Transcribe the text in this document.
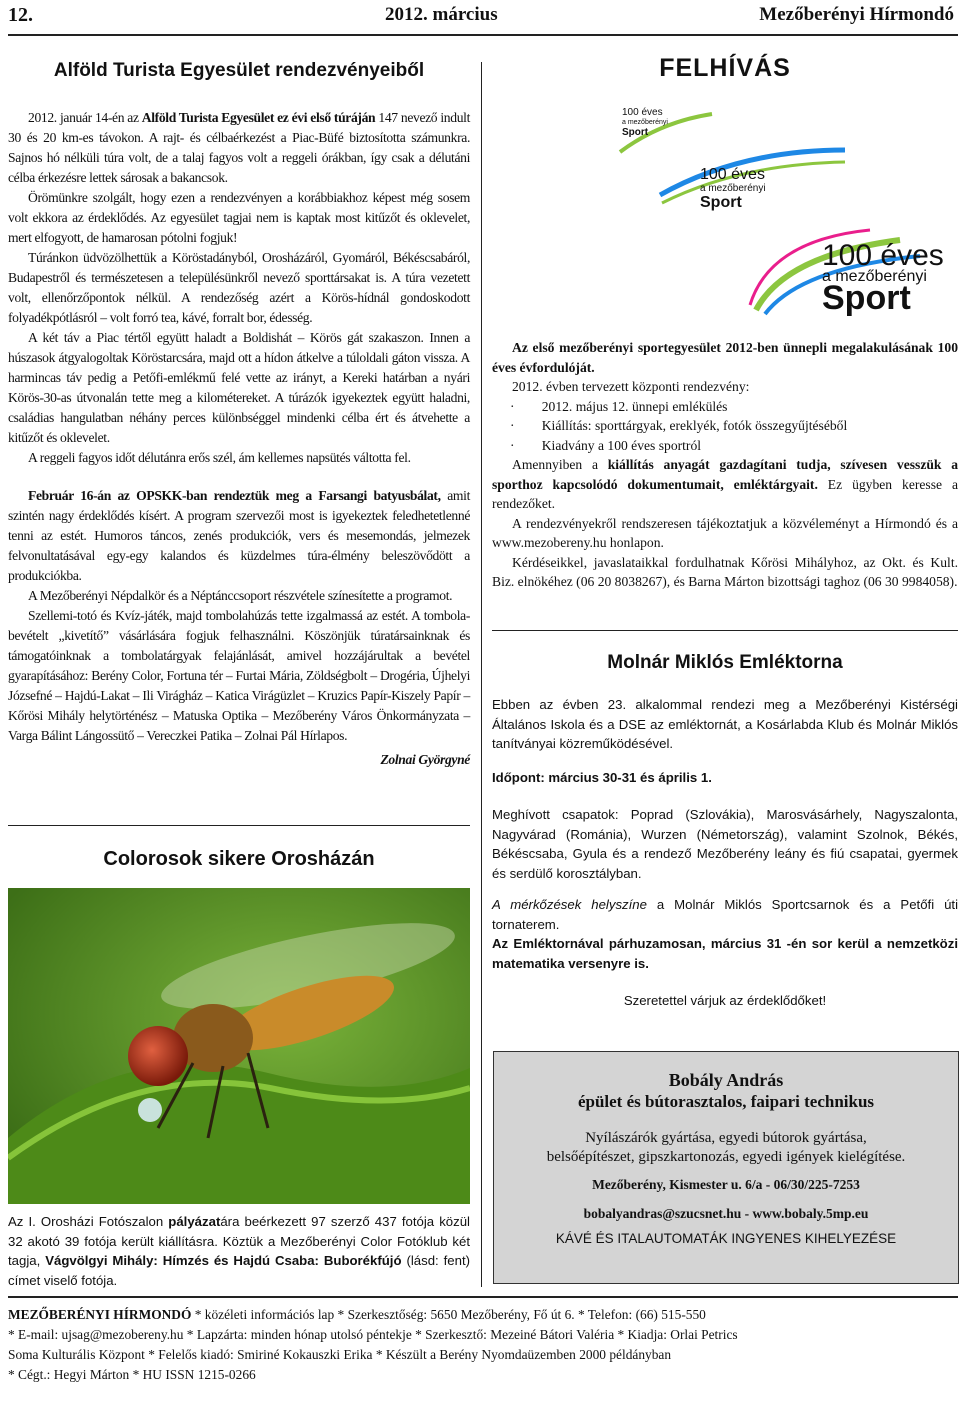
12.	2012. március	Mezőberényi Hírmondó
Alföld Turista Egyesület rendezvényeiből

2012. január 14-én az Alföld Turista Egyesület ez évi első túráján 147 nevező indult 30 és 20 km-es távokon. A rajt- és célbaérkezést a Piac-Büfé biztosította számunkra. Sajnos hó nélküli túra volt, de a talaj fagyos volt a reggeli órákban, így csak a délutáni célba érkezésre lettek sárosak a bakancsok.

Örömünkre szolgált, hogy ezen a rendezvényen a korábbiakhoz képest még sosem volt ekkora az érdeklődés. Az egyesület tagjai nem is kaptak most kitűzőt és oklevelet, mert elfogyott, de hamarosan pótolni fogjuk!

Túránkon üdvözölhettük a Köröstadányból, Orosházáról, Gyomáról, Békéscsabáról, Budapestről és természetesen a településünkről nevező sporttársakat is. A túra vezetett volt, ellenőrzőpontok nélkül. A rendezőség azért a Körös-hídnál gondoskodott folyadékpótlásról – volt forró tea, kávé, forralt bor, édesség.

A két táv a Piac tértől együtt haladt a Boldishát – Körös gát szakaszon. Innen a húszasok átgyalogoltak Köröstarcsára, majd ott a hídon átkelve a túloldali gáton vissza. A harmincas táv pedig a Petőfi-emlékmű felé vette az irányt, a Kereki határban a nyári Körös-30-as útvonalán tette meg a kilométereket. A túrázók igyekeztek együtt haladni, családias hangulatban néhány perces különbséggel mindenki célba ért és átvehette a kitűzőt és oklevelet.

A reggeli fagyos időt délutánra erős szél, ám kellemes napsütés váltotta fel.

Február 16-án az OPSKK-ban rendeztük meg a Farsangi batyusbálat, amit szintén nagy érdeklődés kísért. A program szervezői most is igyekeztek feledhetetlenné tenni az estét. Humoros táncos, zenés produkciók, vers és mesemondás, jelmezek felvonultatásával egy-egy kalandos és küzdelmes túra-élmény beleszövődött a produkciókba.

A Mezőberényi Népdalkör és a Néptánccsoport részvétele színesítette a programot.

Szellemi-totó és Kvíz-játék, majd tombolahúzás tette izgalmassá az estét. A tombola-bevételt „kivetítő” vásárlására fogjuk felhasználni. Köszönjük túratársainknak és támogatóinknak a tombolatárgyak felajánlását, amivel hozzájárultak a bevétel gyarapításához: Berény Color, Fortuna tér – Furtai Mária, Zöldségbolt – Drogéria, Újhelyi Józsefné – Hajdú-Lakat – Ili Virágház – Katica Virágüzlet – Kruzics Papír-Kiszely Papír – Kőrösi Mihály helytörténész – Matuska Optika – Mezőberény Város Önkormányzata – Varga Bálint Lángossütő – Vereczkei Patika – Zolnai Pál Hírlapos.

Zolnai Györgyné

Colorosok sikere Orosházán
Az I. Orosházi Fotószalon pályázatára beérkezett 97 szerző 437 fotója közül 32 akotó 39 fotója került kiállításra. Köztük a Mezőberényi Color Fotóklub két tagja, Vágvölgyi Mihály: Hímzés és Hajdú Csaba: Buborékfújó (lásd: fent) címet viselő fotója.
FELHÍVÁS
100 éves
a mezőberényi
Sport
100 éves
a mezőberényi
Sport
100 éves
a mezőberényi
Sport

Az első mezőberényi sportegyesület 2012-ben ünnepli megalakulásának 100 éves évfordulóját.

2012. évben tervezett központi rendezvény:

·        2012. május 12. ünnepi emlékülés

·        Kiállítás: sporttárgyak, ereklyék, fotók összegyűjtéséből

·        Kiadvány a 100 éves sportról

Amennyiben a kiállítás anyagát gazdagítani tudja, szívesen vesszük a sporthoz kapcsolódó dokumentumait, emléktárgyait. Ez ügyben keresse a rendezőket.

A rendezvényekről rendszeresen tájékoztatjuk a közvéleményt a Hírmondó és a www.mezobereny.hu honlapon.

Kérdéseikkel, javaslataikkal fordulhatnak Kőrösi Mihályhoz, az Okt. és Kult. Biz. elnökéhez (06 20 8038267), és Barna Márton bizottsági taghoz (06 30 9984058).

Molnár Miklós Emléktorna

Ebben az évben 23. alkalommal rendezi meg a Mezőberényi Kistérségi Általános Iskola és a DSE az emléktornát, a Kosárlabda Klub és Molnár Miklós tanítványai közreműködésével.

Időpont: március 30-31 és április 1.

Meghívott csapatok: Poprad (Szlovákia), Marosvásárhely, Nagyszalonta, Nagyvárad (Románia), Wurzen (Németország), valamint Szolnok, Békés, Békéscsaba, Gyula és a rendező Mezőberény leány és fiú csapatai, gyermek és serdülő korosztályban.

A mérkőzések helyszíne a Molnár Miklós Sportcsarnok és a Petőfi úti tornaterem.

Az Emléktornával párhuzamosan, március 31 -én sor kerül a nemzetközi matematika versenyre is.

Szeretettel várjuk az érdeklődőket!

Bobály András
épület és bútorasztalos, faipari technikus
Nyílászárók gyártása, egyedi bútorok gyártása,
belsőépítészet, gipszkartonozás, egyedi igények kielégítése.
Mezőberény, Kismester u. 6/a - 06/30/225-7253
bobalyandras@szucsnet.hu - www.bobaly.5mp.eu
KÁVÉ ÉS ITALAUTOMATÁK INGYENES KIHELYEZÉSE
MEZŐBERÉNYI HÍRMONDÓ * közéleti információs lap * Szerkesztőség: 5650 Mezőberény, Fő út 6. * Telefon: (66) 515-550
* E-mail: ujsag@mezobereny.hu * Lapzárta: minden hónap utolsó péntekje * Szerkesztő: Mezeiné Bátori Valéria * Kiadja: Orlai Petrics
Soma Kulturális Központ * Felelős kiadó: Smiriné Kokauszki Erika * Készült a Berény Nyomdaüzemben 2000 példányban
* Cégt.: Hegyi Márton * HU ISSN 1215-0266
